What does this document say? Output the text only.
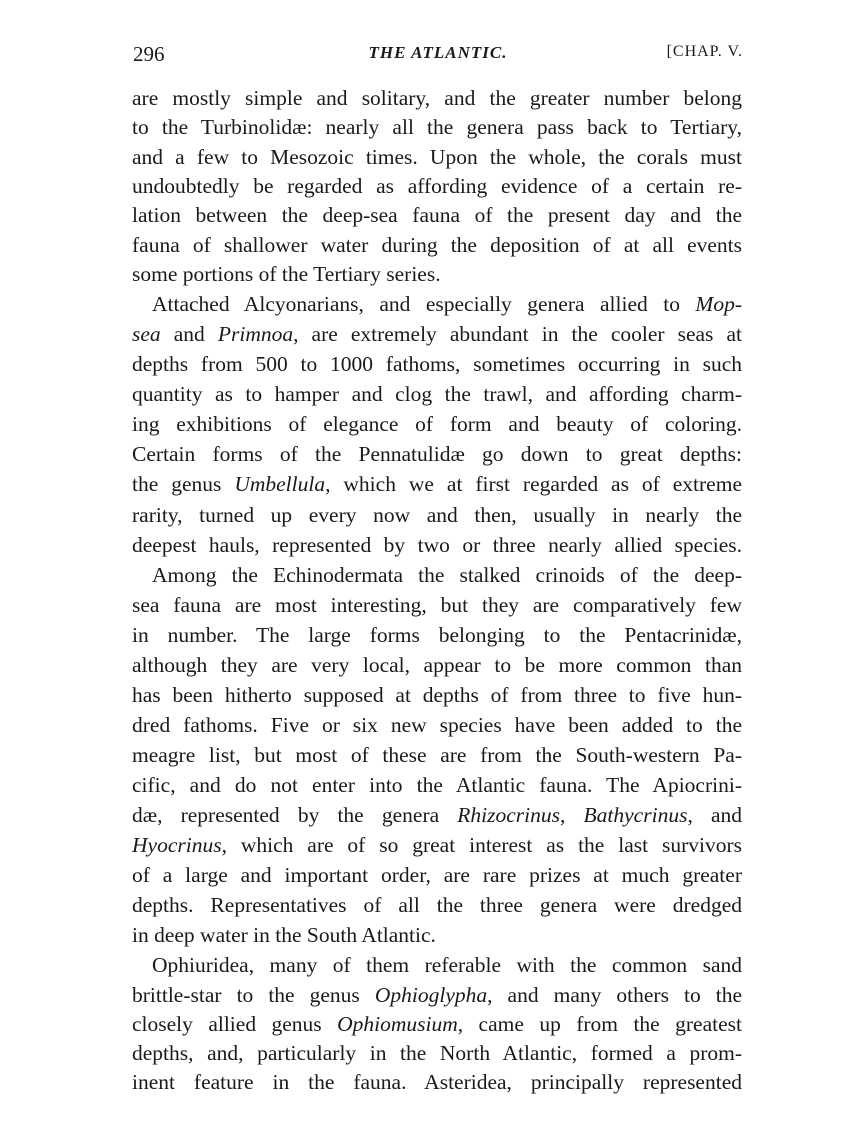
296	THE ATLANTIC.	[CHAP. V.
are mostly simple and solitary, and the greater number belong
to the Turbinolidæ: nearly all the genera pass back to Tertiary,
and a few to Mesozoic times. Upon the whole, the corals must
undoubtedly be regarded as affording evidence of a certain re-
lation between the deep-sea fauna of the present day and the
fauna of shallower water during the deposition of at all events
some portions of the Tertiary series.
Attached Alcyonarians, and especially genera allied to Mop-
sea and Primnoa, are extremely abundant in the cooler seas at
depths from 500 to 1000 fathoms, sometimes occurring in such
quantity as to hamper and clog the trawl, and affording charm-
ing exhibitions of elegance of form and beauty of coloring.
Certain forms of the Pennatulidæ go down to great depths:
the genus Umbellula, which we at first regarded as of extreme
rarity, turned up every now and then, usually in nearly the
deepest hauls, represented by two or three nearly allied species.
Among the Echinodermata the stalked crinoids of the deep-
sea fauna are most interesting, but they are comparatively few
in number. The large forms belonging to the Pentacrinidæ,
although they are very local, appear to be more common than
has been hitherto supposed at depths of from three to five hun-
dred fathoms. Five or six new species have been added to the
meagre list, but most of these are from the South-western Pa-
cific, and do not enter into the Atlantic fauna. The Apiocrini-
dæ, represented by the genera Rhizocrinus, Bathycrinus, and
Hyocrinus, which are of so great interest as the last survivors
of a large and important order, are rare prizes at much greater
depths. Representatives of all the three genera were dredged
in deep water in the South Atlantic.
Ophiuridea, many of them referable with the common sand
brittle-star to the genus Ophioglypha, and many others to the
closely allied genus Ophiomusium, came up from the greatest
depths, and, particularly in the North Atlantic, formed a prom-
inent feature in the fauna. Asteridea, principally represented
